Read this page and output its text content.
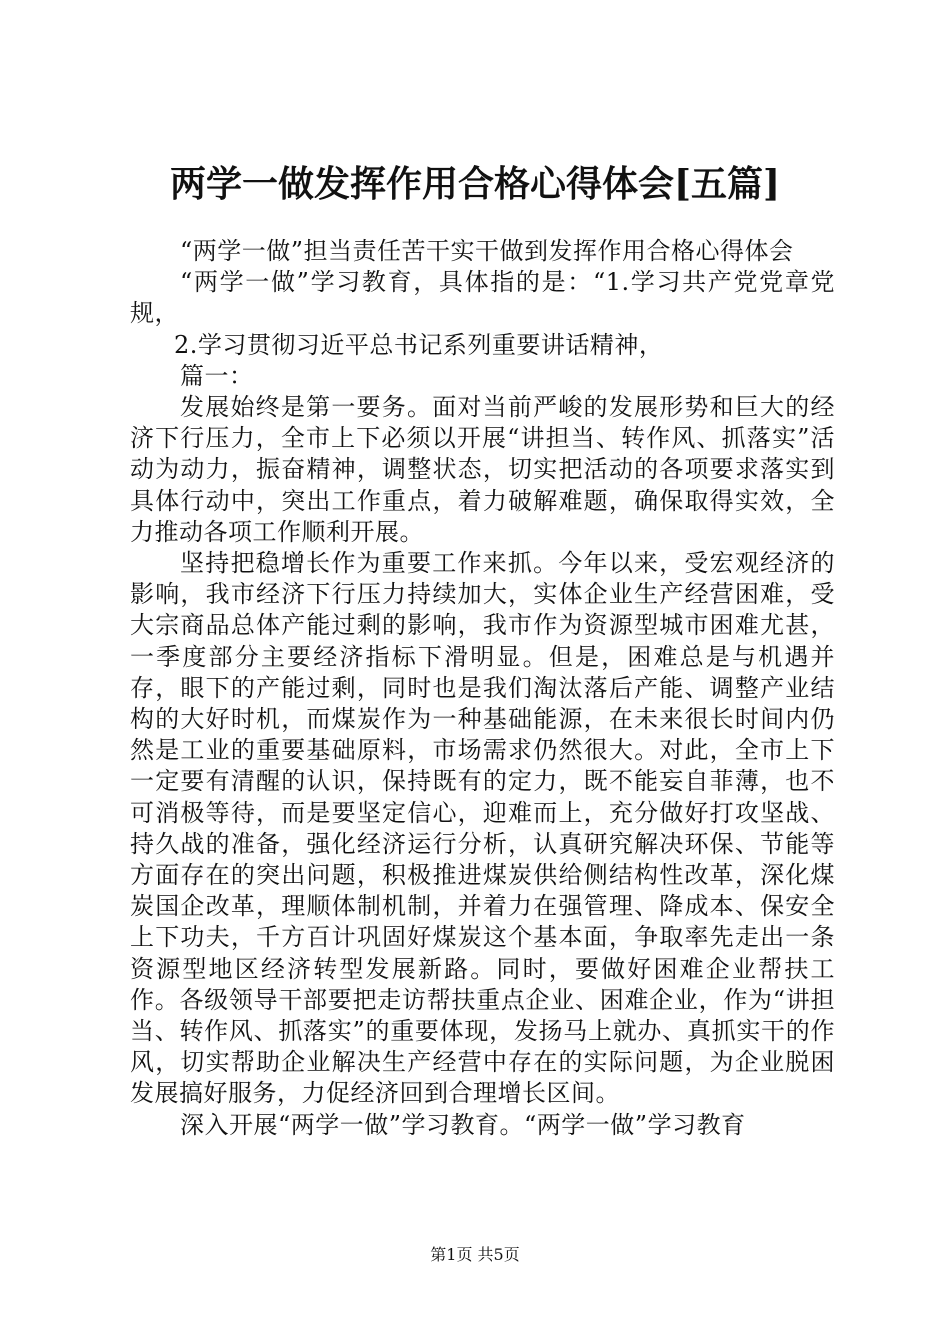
两学一做发挥作用合格心得体会[五篇]

“两学一做”担当责任苦干实干做到发挥作用合格心得体会

“两学一做”学习教育，具体指的是：“1.学习共产党党章党规，

2.学习贯彻习近平总书记系列重要讲话精神，

篇一：

发展始终是第一要务。面对当前严峻的发展形势和巨大的经济下行压力，全市上下必须以开展“讲担当、转作风、抓落实”活动为动力，振奋精神，调整状态，切实把活动的各项要求落实到具体行动中，突出工作重点，着力破解难题，确保取得实效，全力推动各项工作顺利开展。

坚持把稳增长作为重要工作来抓。今年以来，受宏观经济的影响，我市经济下行压力持续加大，实体企业生产经营困难，受大宗商品总体产能过剩的影响，我市作为资源型城市困难尤甚，一季度部分主要经济指标下滑明显。但是，困难总是与机遇并存，眼下的产能过剩，同时也是我们淘汰落后产能、调整产业结构的大好时机，而煤炭作为一种基础能源，在未来很长时间内仍然是工业的重要基础原料，市场需求仍然很大。对此，全市上下一定要有清醒的认识，保持既有的定力，既不能妄自菲薄，也不可消极等待，而是要坚定信心，迎难而上，充分做好打攻坚战、持久战的准备，强化经济运行分析，认真研究解决环保、节能等方面存在的突出问题，积极推进煤炭供给侧结构性改革，深化煤炭国企改革，理顺体制机制，并着力在强管理、降成本、保安全上下功夫，千方百计巩固好煤炭这个基本面，争取率先走出一条资源型地区经济转型发展新路。同时，要做好困难企业帮扶工作。各级领导干部要把走访帮扶重点企业、困难企业，作为“讲担当、转作风、抓落实”的重要体现，发扬马上就办、真抓实干的作风，切实帮助企业解决生产经营中存在的实际问题，为企业脱困发展搞好服务，力促经济回到合理增长区间。

深入开展“两学一做”学习教育。“两学一做”学习教育

第1页 共5页
